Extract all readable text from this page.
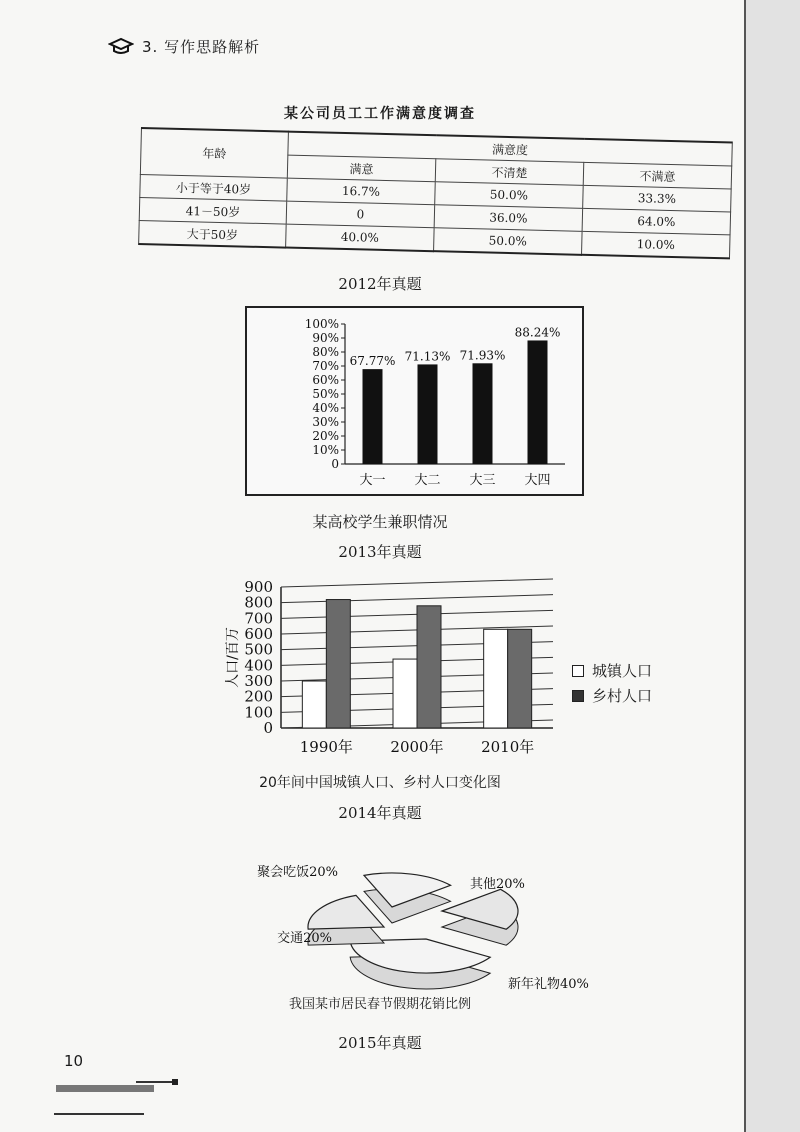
3. 写作思路解析
某公司员工工作满意度调查
年龄	满意度		
	满意	不清楚	不满意
小于等于40岁	16.7%	50.0%	33.3%
41－50岁	0	36.0%	64.0%
大于50岁	40.0%	50.0%	10.0%
2012年真题
0
10%
20%
30%
40%
50%
60%
70%
80%
90%
100%
67.77%
大一
71.13%
大二
71.93%
大三
88.24%
大四
某高校学生兼职情况
2013年真题
0
100
200
300
400
500
600
700
800
900
人口/百万
1990年 2000年 2010年
城镇人口
乡村人口
20年间中国城镇人口、乡村人口变化图
2014年真题
聚会吃饭20%
其他20%
新年礼物40%
交通20%
我国某市居民春节假期花销比例
2015年真题
10
